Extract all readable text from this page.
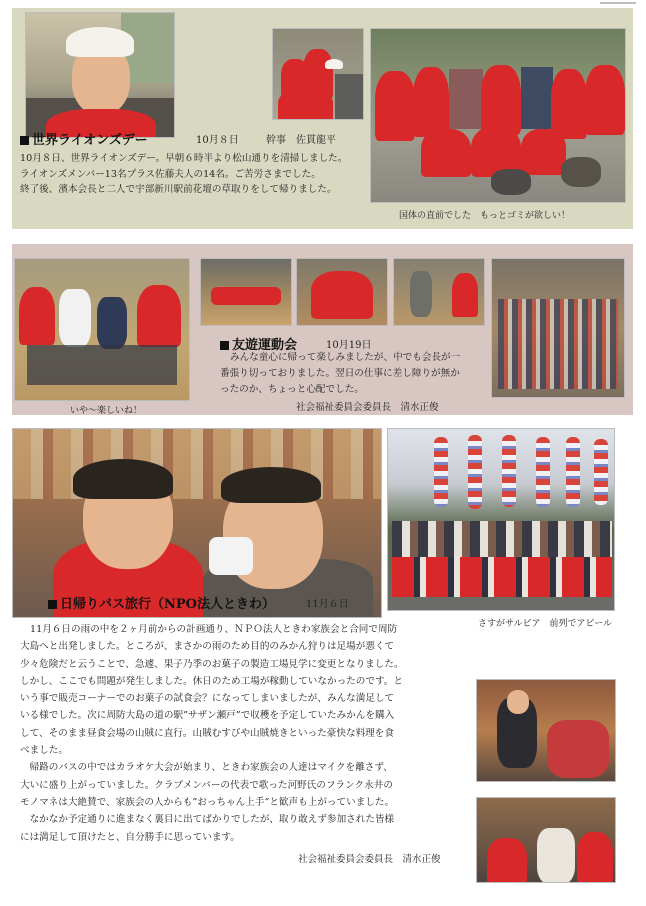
世界ライオンズデー	10月８日	幹事　佐貫龍平
国体の直前でした　もっとゴミが欲しい！

10月８日、世界ライオンズデー。早朝６時半より松山通りを清掃しました。

ライオンズメンバー13名プラス佐藤夫人の14名。ご苦労さまでした。

終了後、濱本会長と二人で宇部新川駅前花壇の草取りをして帰りました。

いや～楽しいね！
友遊運動会	10月19日

みんな童心に帰って楽しみましたが、中でも会長が一

番張り切っておりました。翌日の仕事に差し障りが無か

ったのか、ちょっと心配でした。

社会福祉委員会委員長　清水正俊
日帰りバス旅行（NPO法人ときわ）	11月６日
さすがサルビア　前列でアピール

11月６日の雨の中を２ヶ月前からの計画通り、ＮＰＯ法人ときわ家族会と合同で周防

大島へと出発しました。ところが、まさかの雨のため目的のみかん狩りは足場が悪くて

少々危険だと云うことで、急遽、果子乃季のお菓子の製造工場見学に変更となりました。

しかし、ここでも問題が発生しました。休日のため工場が稼動していなかったのです。と

いう事で販売コーナーでのお菓子の試食会？になってしまいましたが、みんな満足して

いる様でした。次に周防大島の道の駅”サザン瀬戸”で収穫を予定していたみかんを購入

して、そのまま昼食会場の山賊に直行。山賊むすびや山賊焼きといった豪快な料理を食

べました。

　帰路のバスの中ではカラオケ大会が始まり、ときわ家族会の人達はマイクを離さず、

大いに盛り上がっていました。クラブメンバーの代表で歌った河野氏のフランク永井の

モノマネは大絶賛で、家族会の人からも”おっちゃん上手”と歓声も上がっていました。

　なかなか予定通りに進まなく裏目に出てばかりでしたが、取り敢えず参加された皆様

には満足して頂けたと、自分勝手に思っています。

社会福祉委員会委員長　清水正俊
